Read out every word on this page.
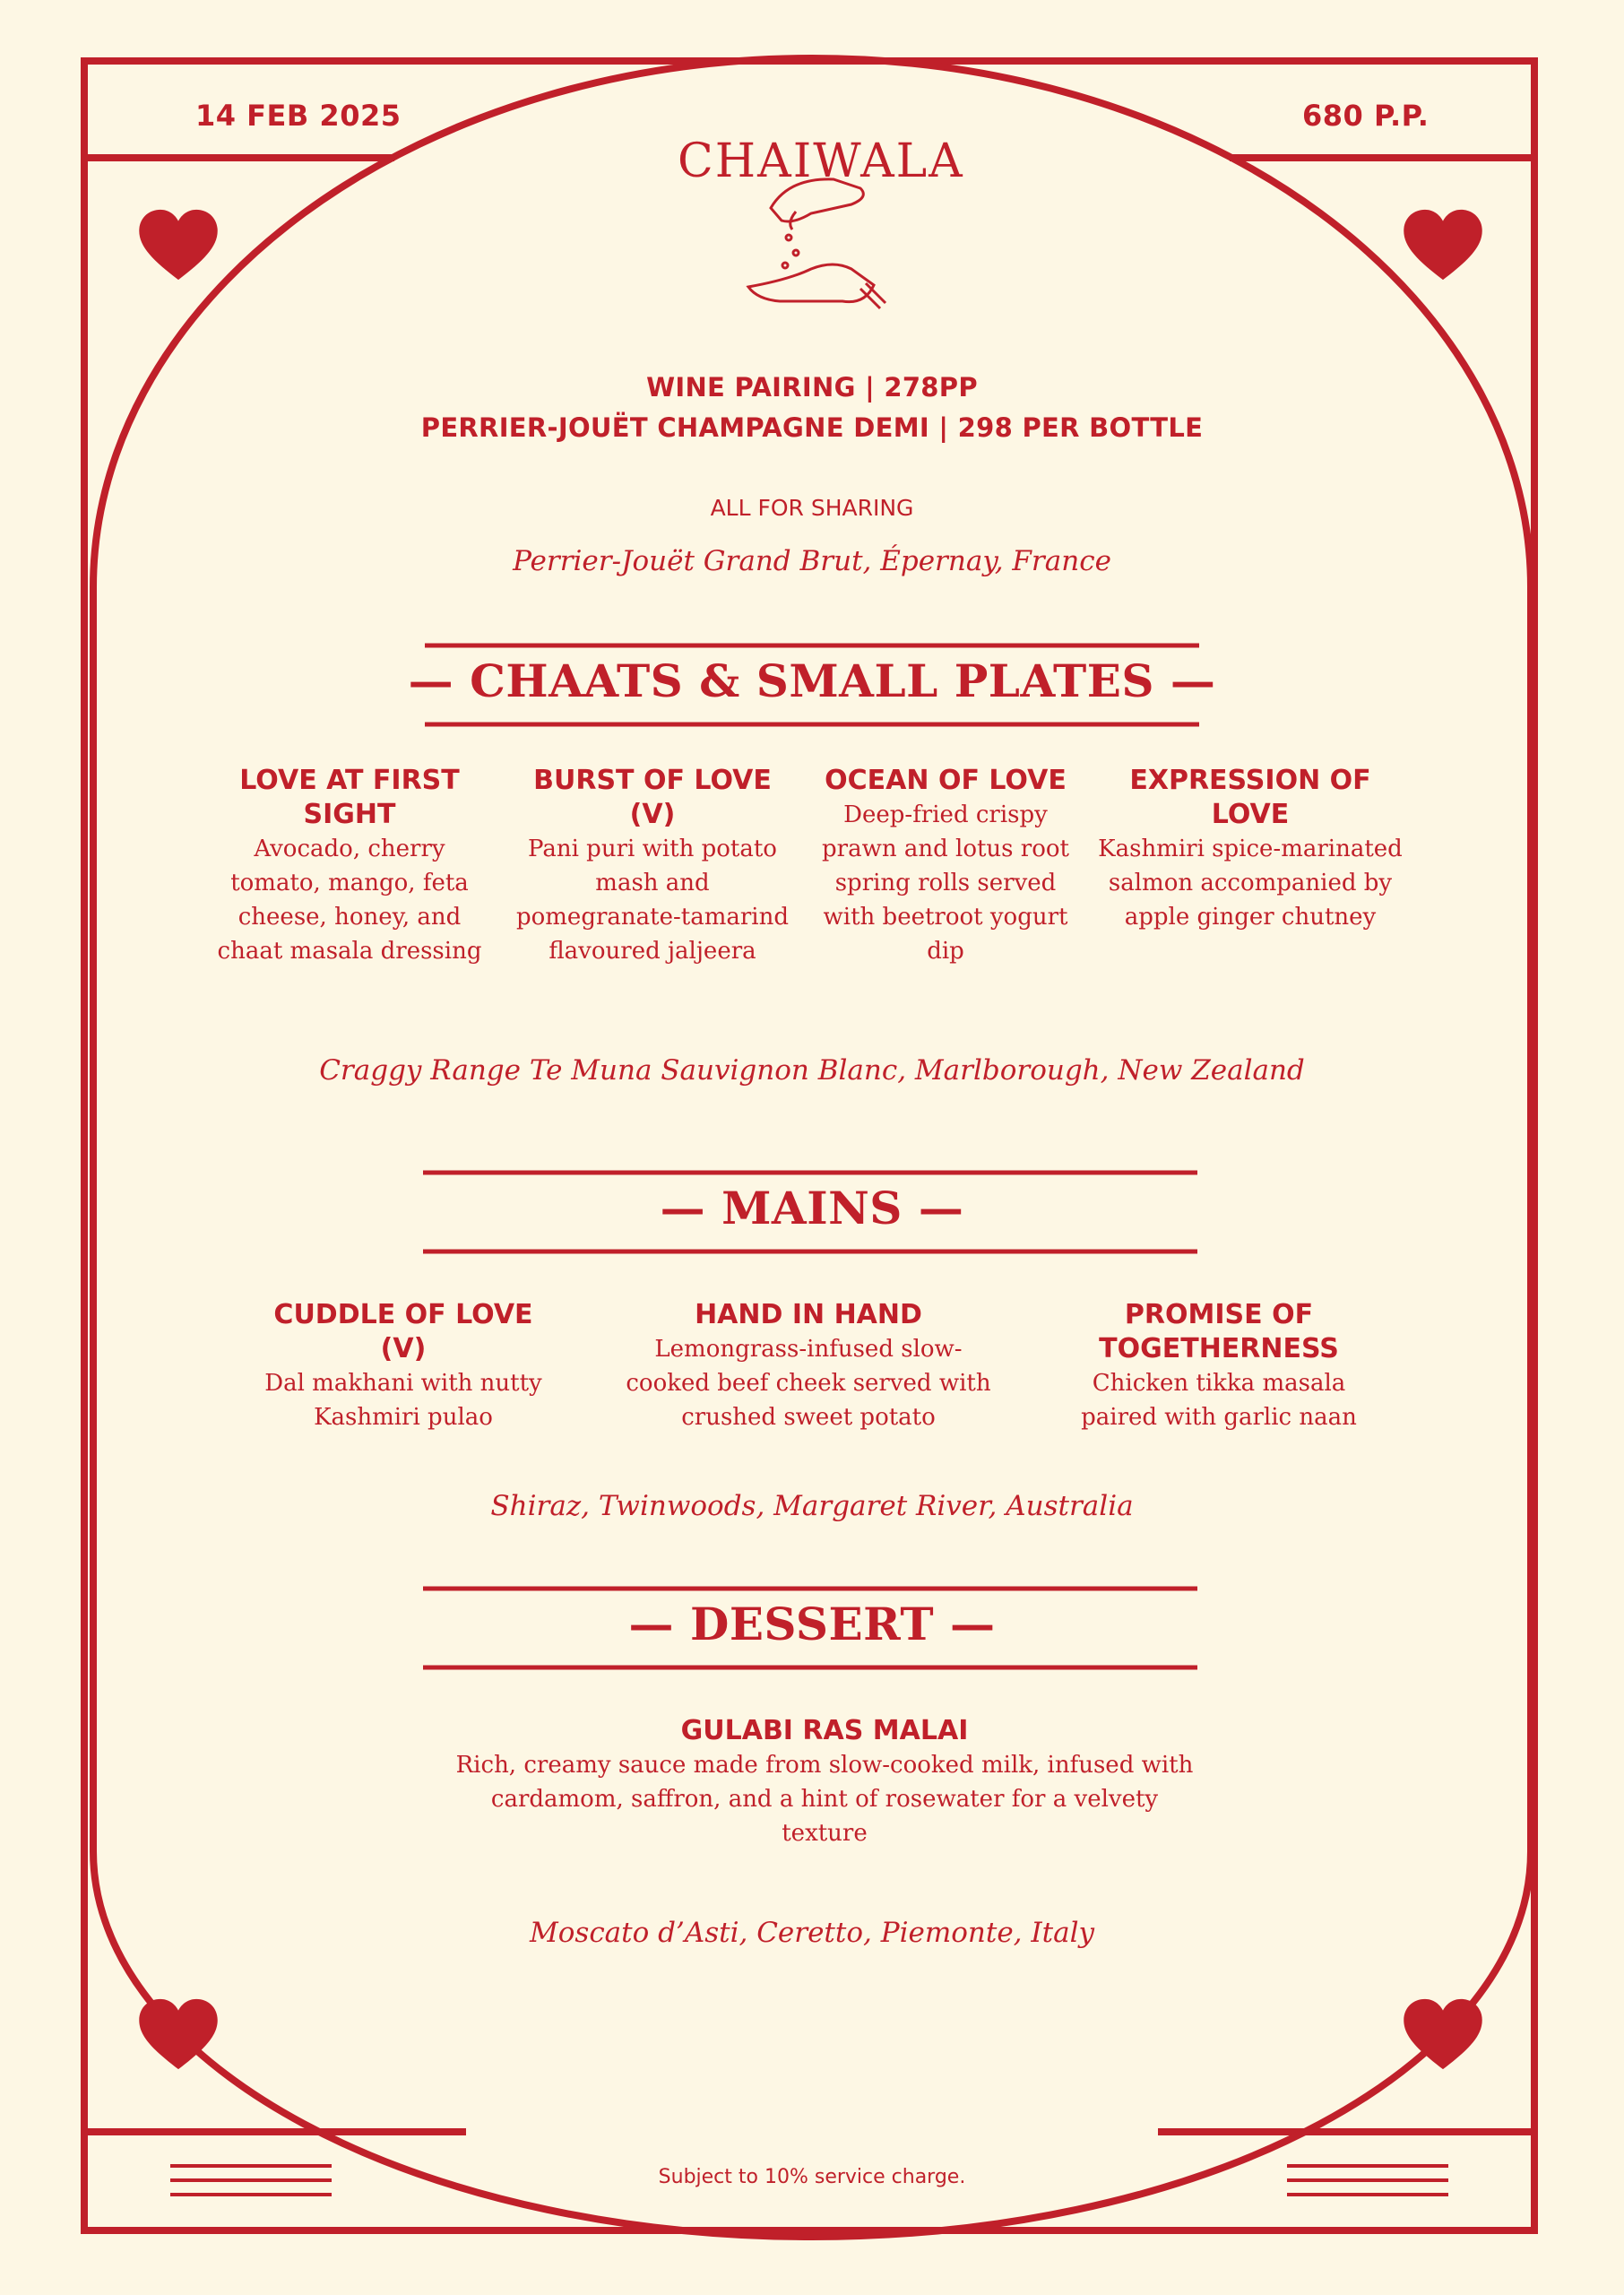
14 FEB 2025	680 P.P.
CHAIWALA
WINE PAIRING | 278PP
PERRIER-JOUËT CHAMPAGNE DEMI | 298 PER BOTTLE
ALL FOR SHARING
Perrier-Jouët Grand Brut, Épernay, France
— CHAATS & SMALL PLATES —
LOVE AT FIRST SIGHT
Avocado, cherry tomato, mango, feta cheese, honey, and chaat masala dressing
BURST OF LOVE (V)
Pani puri with potato mash and pomegranate-tamarind flavoured jaljeera
OCEAN OF LOVE
Deep-fried crispy prawn and lotus root spring rolls served with beetroot yogurt dip
EXPRESSION OF LOVE
Kashmiri spice-marinated salmon accompanied by apple ginger chutney
Craggy Range Te Muna Sauvignon Blanc, Marlborough, New Zealand
— MAINS —
CUDDLE OF LOVE (V)
Dal makhani with nutty Kashmiri pulao
HAND IN HAND
Lemongrass-infused slow-cooked beef cheek served with crushed sweet potato
PROMISE OF TOGETHERNESS
Chicken tikka masala paired with garlic naan
Shiraz, Twinwoods, Margaret River, Australia
— DESSERT —
GULABI RAS MALAI
Rich, creamy sauce made from slow-cooked milk, infused with cardamom, saffron, and a hint of rosewater for a velvety texture
Moscato d’Asti, Ceretto, Piemonte, Italy
Subject to 10% service charge.
